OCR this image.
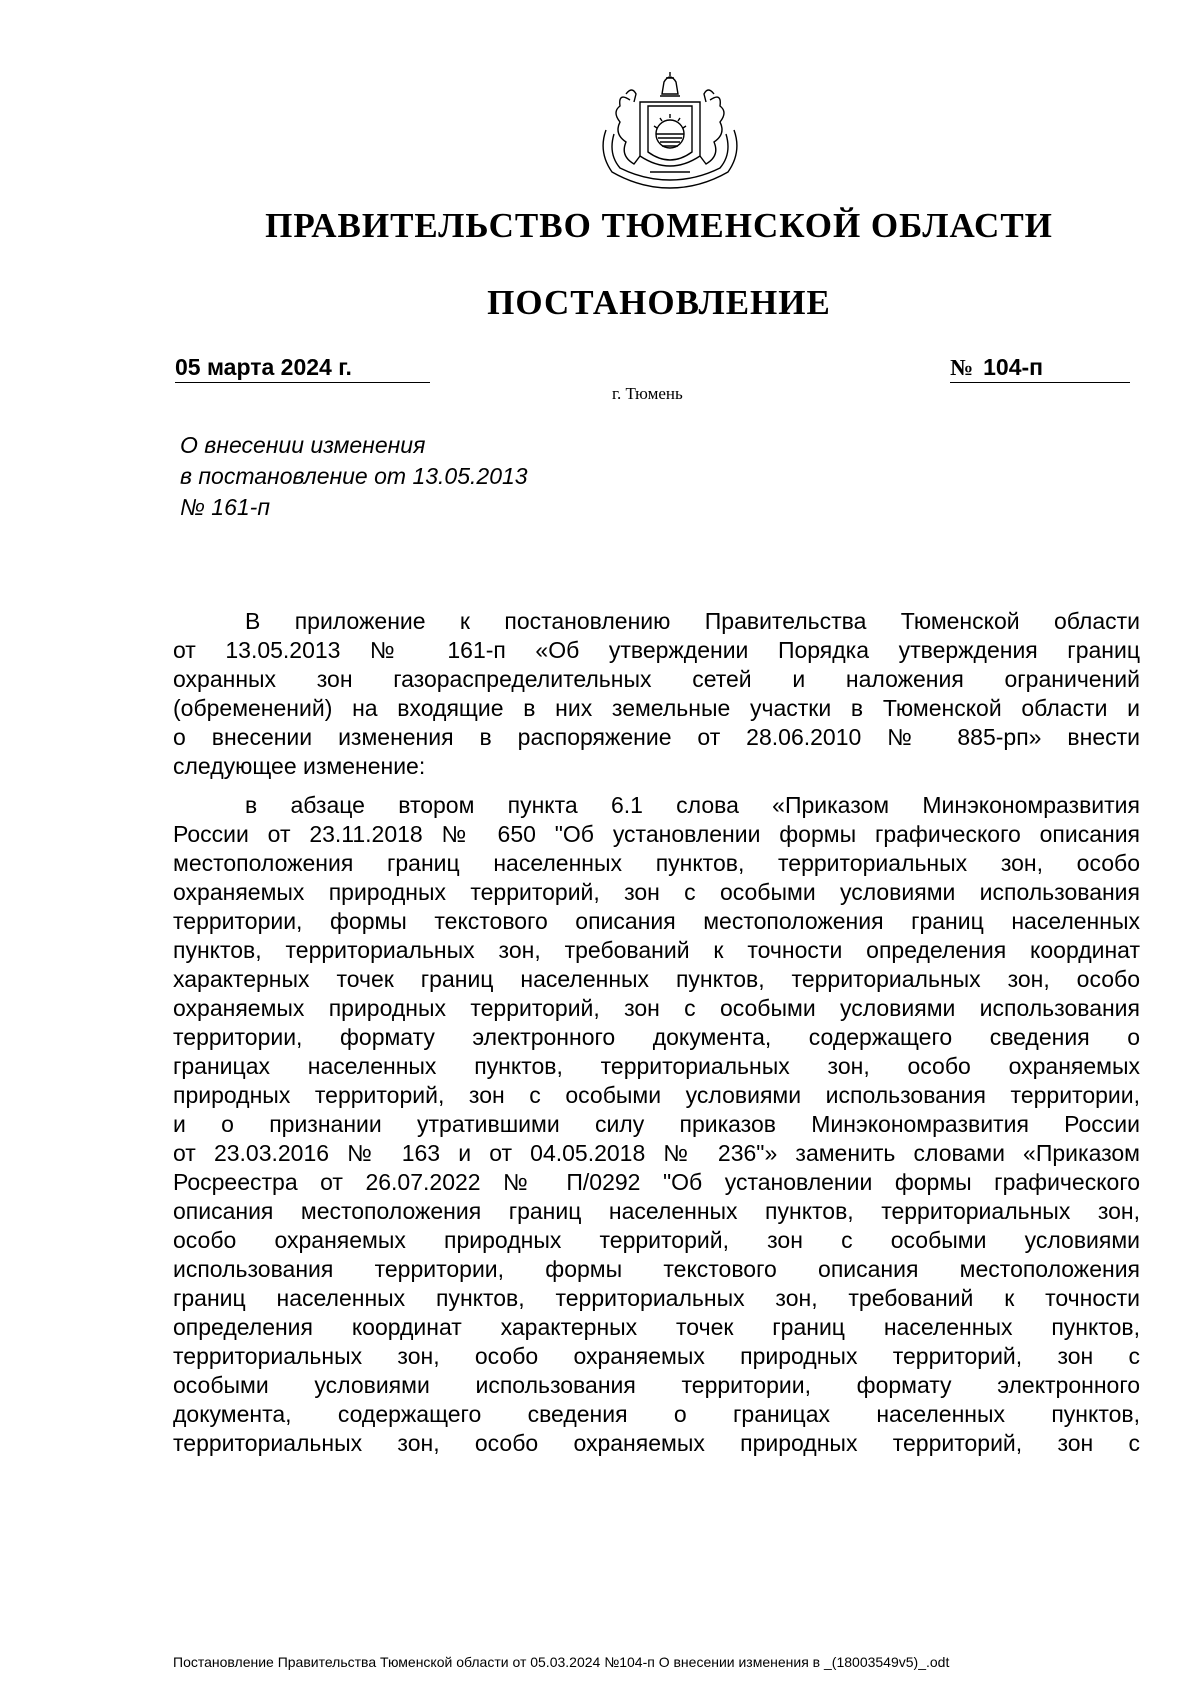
ПРАВИТЕЛЬСТВО ТЮМЕНСКОЙ ОБЛАСТИ
ПОСТАНОВЛЕНИЕ
05 марта 2024 г.	№ 104-п
г. Тюмень
О внесении изменения
в постановление от 13.05.2013
№ 161-п
В приложение к постановлению Правительства Тюменской области
от 13.05.2013 № 161-п «Об утверждении Порядка утверждения границ
охранных зон газораспределительных сетей и наложения ограничений
(обременений) на входящие в них земельные участки в Тюменской области и
о внесении изменения в распоряжение от 28.06.2010 № 885-рп» внести
следующее изменение:
в абзаце втором пункта 6.1 слова «Приказом Минэкономразвития
России от 23.11.2018 № 650 "Об установлении формы графического описания
местоположения границ населенных пунктов, территориальных зон, особо
охраняемых природных территорий, зон с особыми условиями использования
территории, формы текстового описания местоположения границ населенных
пунктов, территориальных зон, требований к точности определения координат
характерных точек границ населенных пунктов, территориальных зон, особо
охраняемых природных территорий, зон с особыми условиями использования
территории, формату электронного документа, содержащего сведения о
границах населенных пунктов, территориальных зон, особо охраняемых
природных территорий, зон с особыми условиями использования территории,
и о признании утратившими силу приказов Минэкономразвития России
от 23.03.2016 № 163 и от 04.05.2018 № 236"» заменить словами «Приказом
Росреестра от 26.07.2022 № П/0292 "Об установлении формы графического
описания местоположения границ населенных пунктов, территориальных зон,
особо охраняемых природных территорий, зон с особыми условиями
использования территории, формы текстового описания местоположения
границ населенных пунктов, территориальных зон, требований к точности
определения координат характерных точек границ населенных пунктов,
территориальных зон, особо охраняемых природных территорий, зон с
особыми условиями использования территории, формату электронного
документа, содержащего сведения о границах населенных пунктов,
территориальных зон, особо охраняемых природных территорий, зон с
Постановление Правительства Тюменской области от 05.03.2024 №104-п О внесении изменения в _(18003549v5)_.odt
